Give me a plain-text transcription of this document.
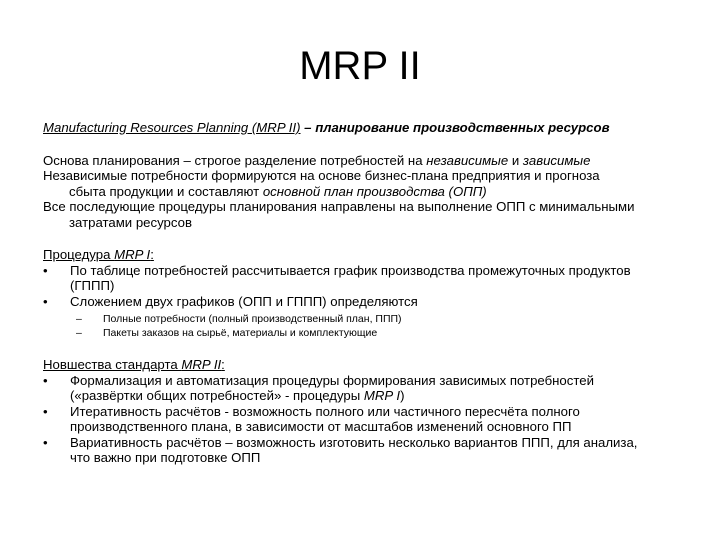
MRP II
Manufacturing Resources Planning (MRP II) – планирование производственных ресурсов
Основа планирования – строгое разделение потребностей на независимые и зависимые
Независимые потребности формируются на основе бизнес-плана предприятия и прогноза
сбыта продукции и составляют основной план производства (ОПП)
Все последующие процедуры планирования направлены на выполнение ОПП с минимальными
затратами ресурсов
Процедура MRP I:
•	По таблице потребностей рассчитывается график производства промежуточных продуктов
(ГППП)
•	Сложением двух графиков (ОПП и ГППП) определяются
–	Полные потребности (полный производственный план, ППП)
–	Пакеты заказов на сырьё, материалы и комплектующие
Новшества стандарта MRP II:
•	Формализация и автоматизация процедуры формирования зависимых потребностей
(«развёртки общих потребностей» - процедуры MRP I)
•	Итеративность расчётов - возможность полного или частичного пересчёта полного
производственного плана, в зависимости от масштабов изменений основного ПП
•	Вариативность расчётов – возможность изготовить несколько вариантов ППП, для анализа,
что важно при подготовке ОПП
